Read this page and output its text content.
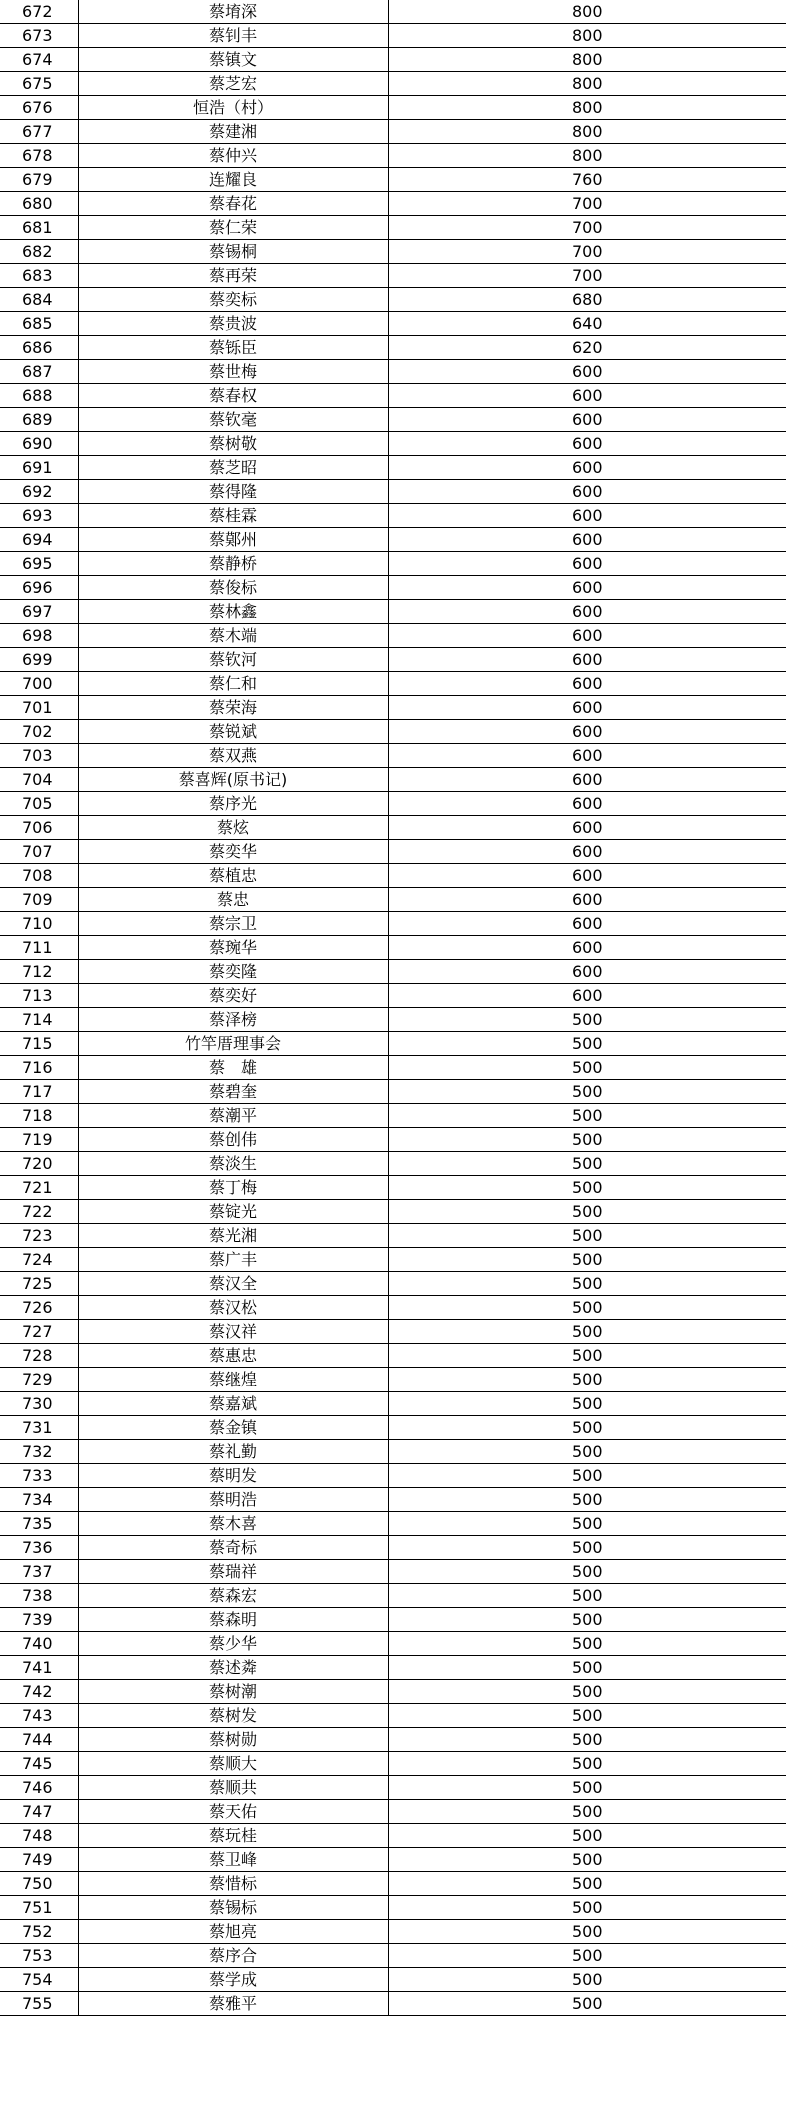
672	蔡堉深	800
673	蔡钊丰	800
674	蔡镇文	800
675	蔡芝宏	800
676	恒浩（村）	800
677	蔡建湘	800
678	蔡仲兴	800
679	连耀良	760
680	蔡春花	700
681	蔡仁荣	700
682	蔡锡桐	700
683	蔡再荣	700
684	蔡奕标	680
685	蔡贵波	640
686	蔡铄臣	620
687	蔡世梅	600
688	蔡春权	600
689	蔡钦毫	600
690	蔡树敬	600
691	蔡芝昭	600
692	蔡得隆	600
693	蔡桂霖	600
694	蔡鄚州	600
695	蔡静桥	600
696	蔡俊标	600
697	蔡林鑫	600
698	蔡木端	600
699	蔡钦河	600
700	蔡仁和	600
701	蔡荣海	600
702	蔡锐斌	600
703	蔡双燕	600
704	蔡喜辉(原书记)	600
705	蔡序光	600
706	蔡炫	600
707	蔡奕华	600
708	蔡植忠	600
709	蔡忠	600
710	蔡宗卫	600
711	蔡琬华	600
712	蔡奕隆	600
713	蔡奕好	600
714	蔡泽榜	500
715	竹竿厝理事会	500
716	蔡　雄	500
717	蔡碧奎	500
718	蔡潮平	500
719	蔡创伟	500
720	蔡淡生	500
721	蔡丁梅	500
722	蔡锭光	500
723	蔡光湘	500
724	蔡广丰	500
725	蔡汉全	500
726	蔡汉松	500
727	蔡汉祥	500
728	蔡惠忠	500
729	蔡继煌	500
730	蔡嘉斌	500
731	蔡金镇	500
732	蔡礼勤	500
733	蔡明发	500
734	蔡明浩	500
735	蔡木喜	500
736	蔡奇标	500
737	蔡瑞祥	500
738	蔡森宏	500
739	蔡森明	500
740	蔡少华	500
741	蔡述粦	500
742	蔡树潮	500
743	蔡树发	500
744	蔡树勋	500
745	蔡顺大	500
746	蔡顺共	500
747	蔡天佑	500
748	蔡玩桂	500
749	蔡卫峰	500
750	蔡惜标	500
751	蔡锡标	500
752	蔡旭亮	500
753	蔡序合	500
754	蔡学成	500
755	蔡雅平	500
